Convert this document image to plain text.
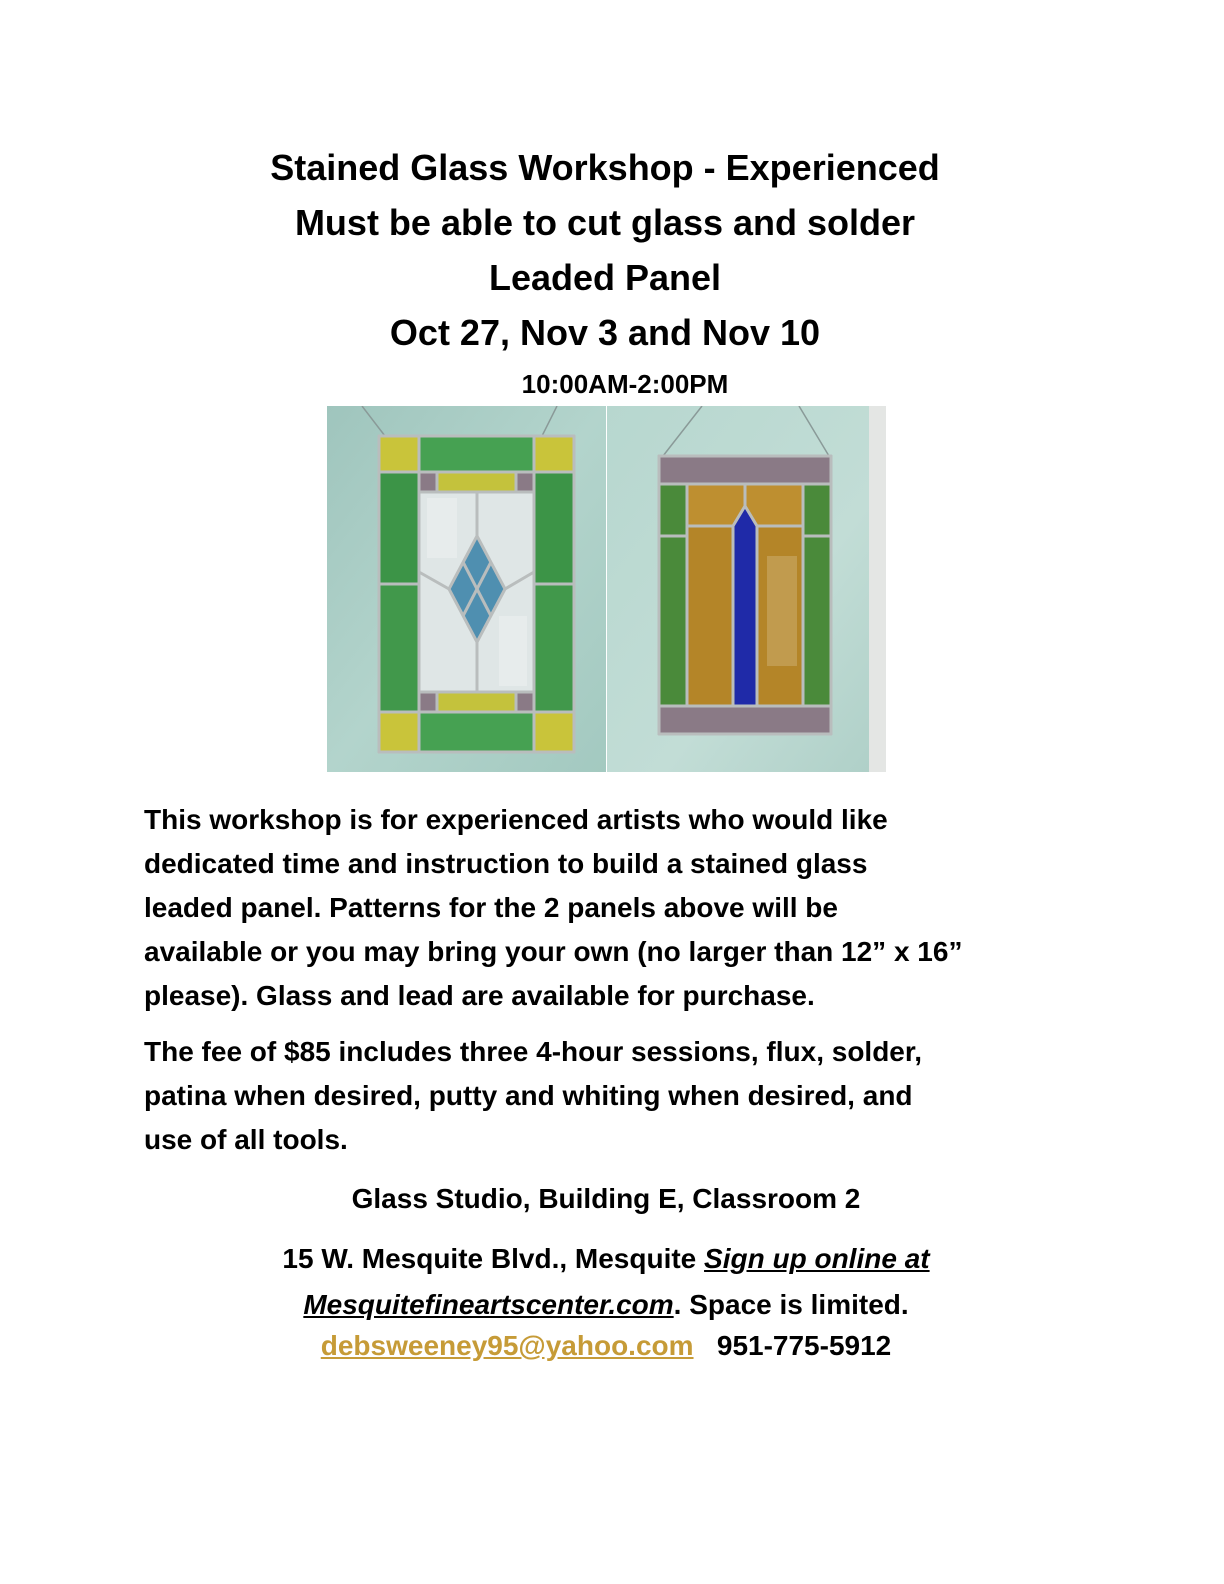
Stained Glass Workshop - Experienced
Must be able to cut glass and solder
Leaded Panel
Oct 27, Nov 3 and Nov 10
10:00AM-2:00PM
This workshop is for experienced artists who would like
dedicated time and instruction to build a stained glass
leaded panel. Patterns for the 2 panels above will be
available or you may bring your own (no larger than 12” x 16”
please). Glass and lead are available for purchase.
The fee of $85 includes three 4-hour sessions, flux, solder,
patina when desired, putty and whiting when desired, and
use of all tools.
Glass Studio, Building E, Classroom 2
15 W. Mesquite Blvd., Mesquite Sign up online at
Mesquitefineartscenter.com. Space is limited.
debsweeney95@yahoo.com 951-775-5912
